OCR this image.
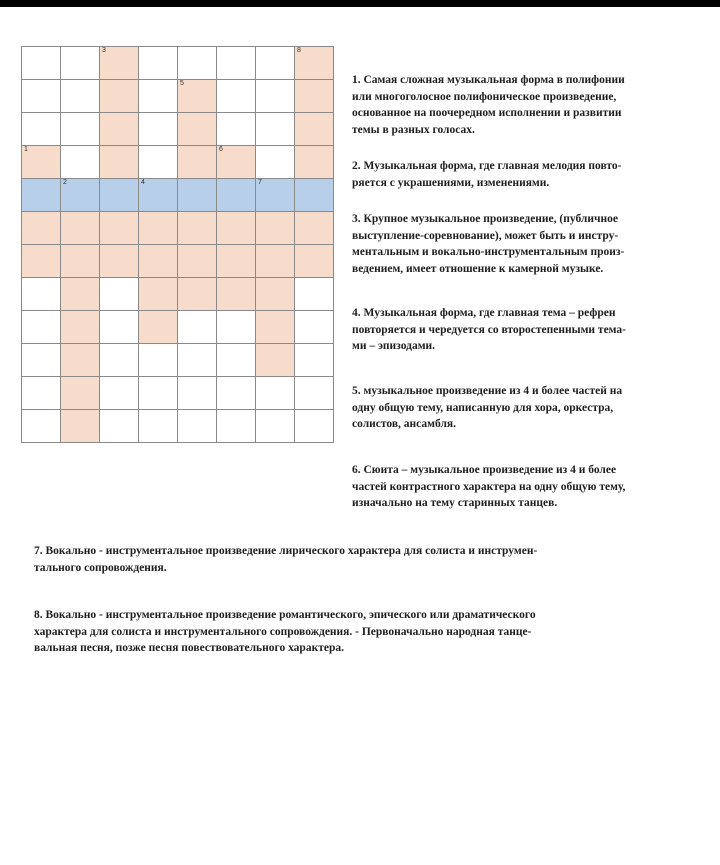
3	8
5
1	6
2	4	7

1. Самая сложная музыкальная форма в полифонии
или многоголосное полифоническое произведение,
основанное на поочередном исполнении и развитии
темы в разных голосах.

2. Музыкальная форма, где главная мелодия повто-
ряется с украшениями, изменениями.

3. Крупное музыкальное произведение, (публичное
выступление-соревнование), может быть и инстру-
ментальным и вокально-инструментальным произ-
ведением, имеет отношение к камерной музыке.

4. Музыкальная форма, где главная тема – рефрен
повторяется и чередуется со второстепенными тема-
ми – эпизодами.

5. музыкальное произведение из 4 и более частей на
одну общую тему, написанную для хора, оркестра,
солистов, ансамбля.

6. Сюита – музыкальное произведение из 4 и более
частей контрастного характера на одну общую тему,
изначально на тему старинных танцев.

7. Вокально - инструментальное произведение лирического характера для солиста и инструмен-
тального сопровождения.

8. Вокально - инструментальное произведение романтического, эпического или драматического
характера для солиста и инструментального сопровождения. - Первоначально народная танце-
вальная песня, позже песня повествовательного характера.
